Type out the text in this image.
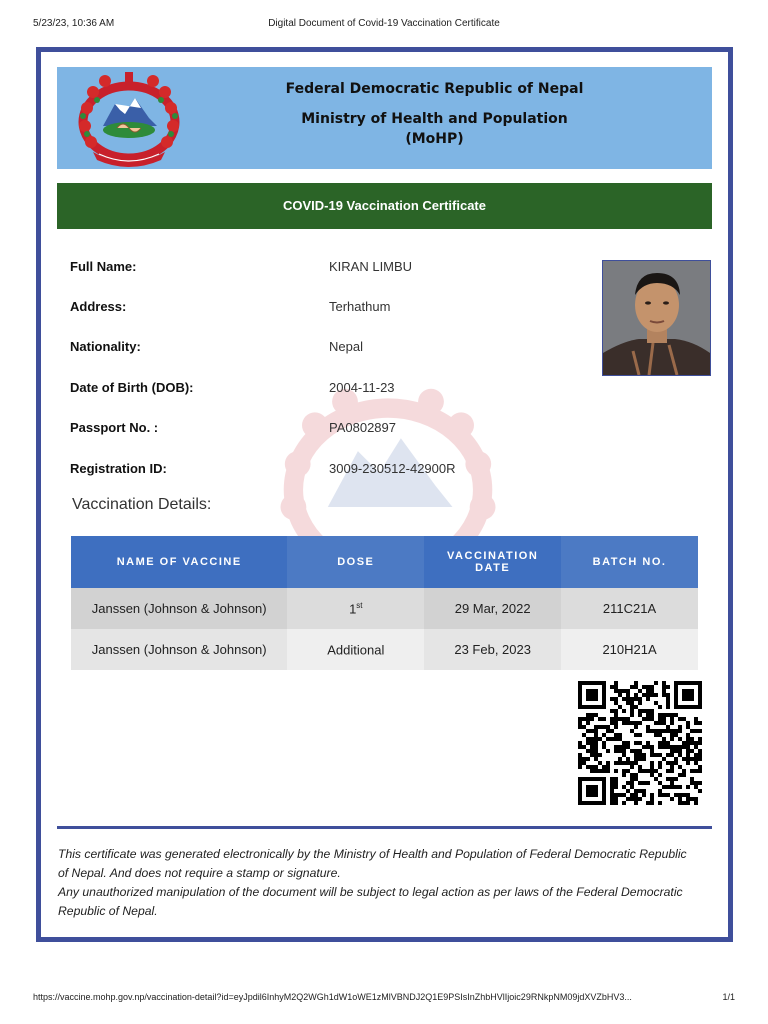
5/23/23, 10:36 AM	Digital Document of Covid-19 Vaccination Certificate
Federal Democratic Republic of Nepal
Ministry of Health and Population
(MoHP)
COVID-19 Vaccination Certificate
Full Name:	KIRAN LIMBU
Address:	Terhathum
Nationality:	Nepal
Date of Birth (DOB):	2004-11-23
Passport No. :	PA0802897
Registration ID:	3009-230512-42900R
Vaccination Details:
NAME OF VACCINE	DOSE	VACCINATION DATE	BATCH NO.
Janssen (Johnson & Johnson)	1st	29 Mar, 2022	211C21A
Janssen (Johnson & Johnson)	Additional	23 Feb, 2023	210H21A

This certificate was generated electronically by the Ministry of Health and Population of Federal Democratic Republic of Nepal. And does not require a stamp or signature.

Any unauthorized manipulation of the document will be subject to legal action as per laws of the Federal Democratic Republic of Nepal.

https://vaccine.mohp.gov.np/vaccination-detail?id=eyJpdil6InhyM2Q2WGh1dW1oWE1zMlVBNDJ2Q1E9PSIsInZhbHVlIjoic29RNkpNM09jdXVZbHV3...	1/1
